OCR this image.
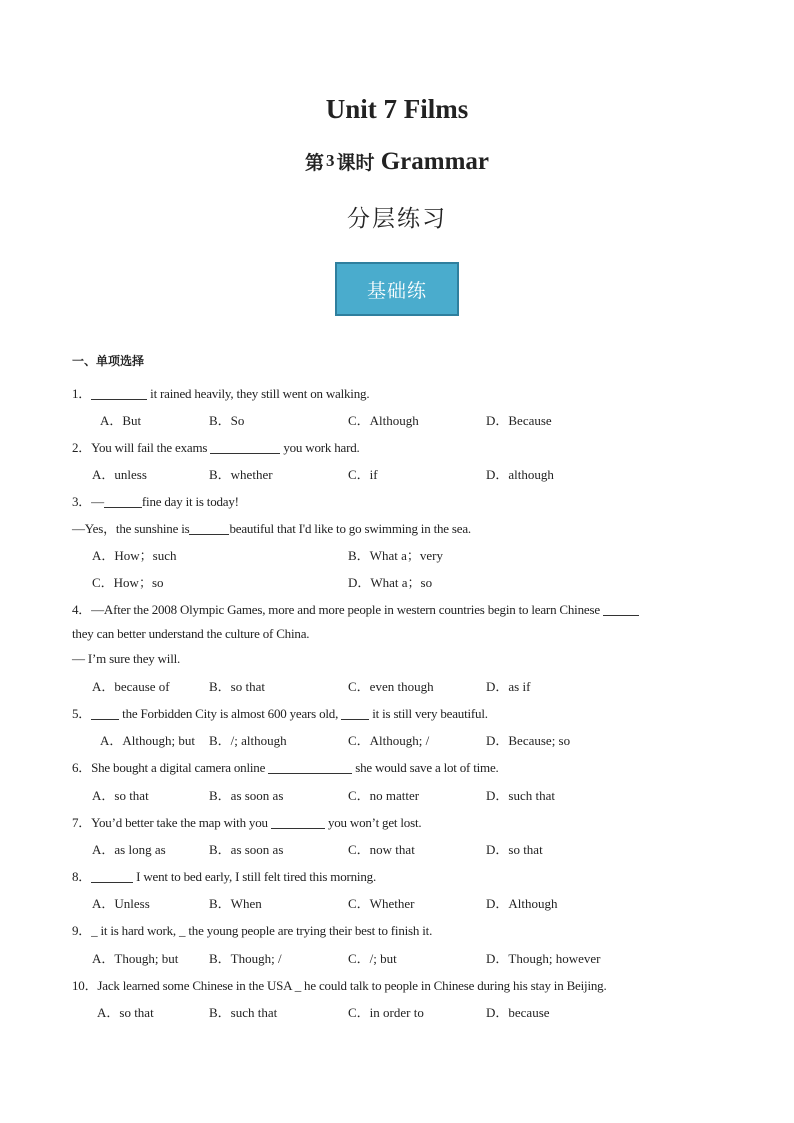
Unit 7 Films
第 3 课时 Grammar
分层练习
基础练
一、单项选择
1．	it rained heavily, they still went on walking.
A．But	B．So	C．Although	D．Because
2．You will fail the exams	you work hard.
A．unless	B．whether	C．if	D．although
3．—	fine day it is today!
—Yes，the sunshine is	beautiful that I'd like to go swimming in the sea.
A．How；such	B．What a；very
C．How；so	D．What a；so
4．—After the 2008 Olympic Games, more and more people in western countries begin to learn Chinese
they can better understand the culture of China.
— I’m sure they will.
A．because of	B．so that	C．even though	D．as if
5． the Forbidden City is almost 600 years old,  it is still very beautiful.
A．Although; but B．/; although	C．Although; /	D．Because; so
6．She bought a digital camera online	she would save a lot of time.
A．so that	B．as soon as	C．no matter	D．such that
7．You’d better take the map with you	you won’t get lost.
A．as long as	B．as soon as	C．now that	D．so that
8．	I went to bed early, I still felt tired this morning.
A．Unless	B．When	C．Whether	D．Although
9．_ it is hard work, _ the young people are trying their best to finish it.
A．Though; but B．Though; /	C．/; but	D．Though; however
10．Jack learned some Chinese in the USA _ he could talk to people in Chinese during his stay in Beijing.
A．so that	B．such that	C．in order to	D．because
